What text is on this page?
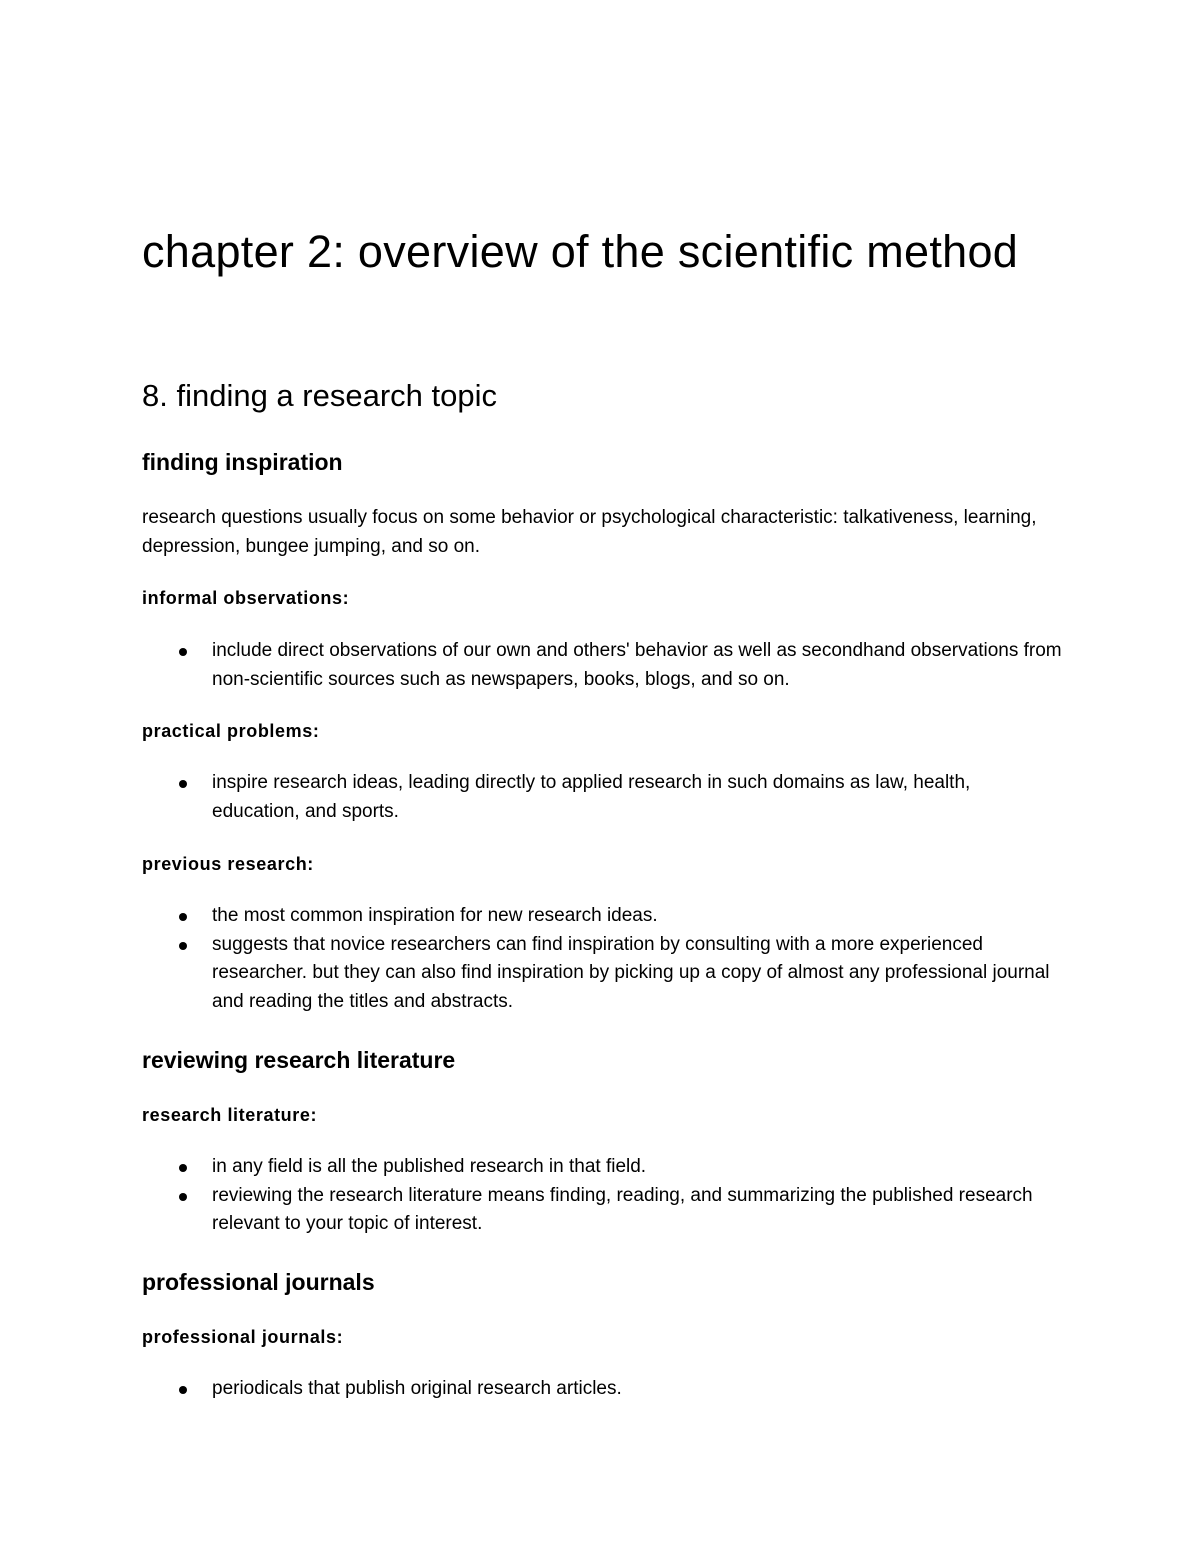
chapter 2: overview of the scientific method
8. finding a research topic
finding inspiration

research questions usually focus on some behavior or psychological characteristic: talkativeness, learning, depression, bungee jumping, and so on.

informal observations:

include direct observations of our own and others' behavior as well as secondhand observations from non-scientific sources such as newspapers, books, blogs, and so on.

practical problems:

inspire research ideas, leading directly to applied research in such domains as law, health, education, and sports.

previous research:

the most common inspiration for new research ideas.
suggests that novice researchers can find inspiration by consulting with a more experienced researcher. but they can also find inspiration by picking up a copy of almost any professional journal and reading the titles and abstracts.
reviewing research literature

research literature:

in any field is all the published research in that field.
reviewing the research literature means finding, reading, and summarizing the published research relevant to your topic of interest.
professional journals

professional journals:

periodicals that publish original research articles.
